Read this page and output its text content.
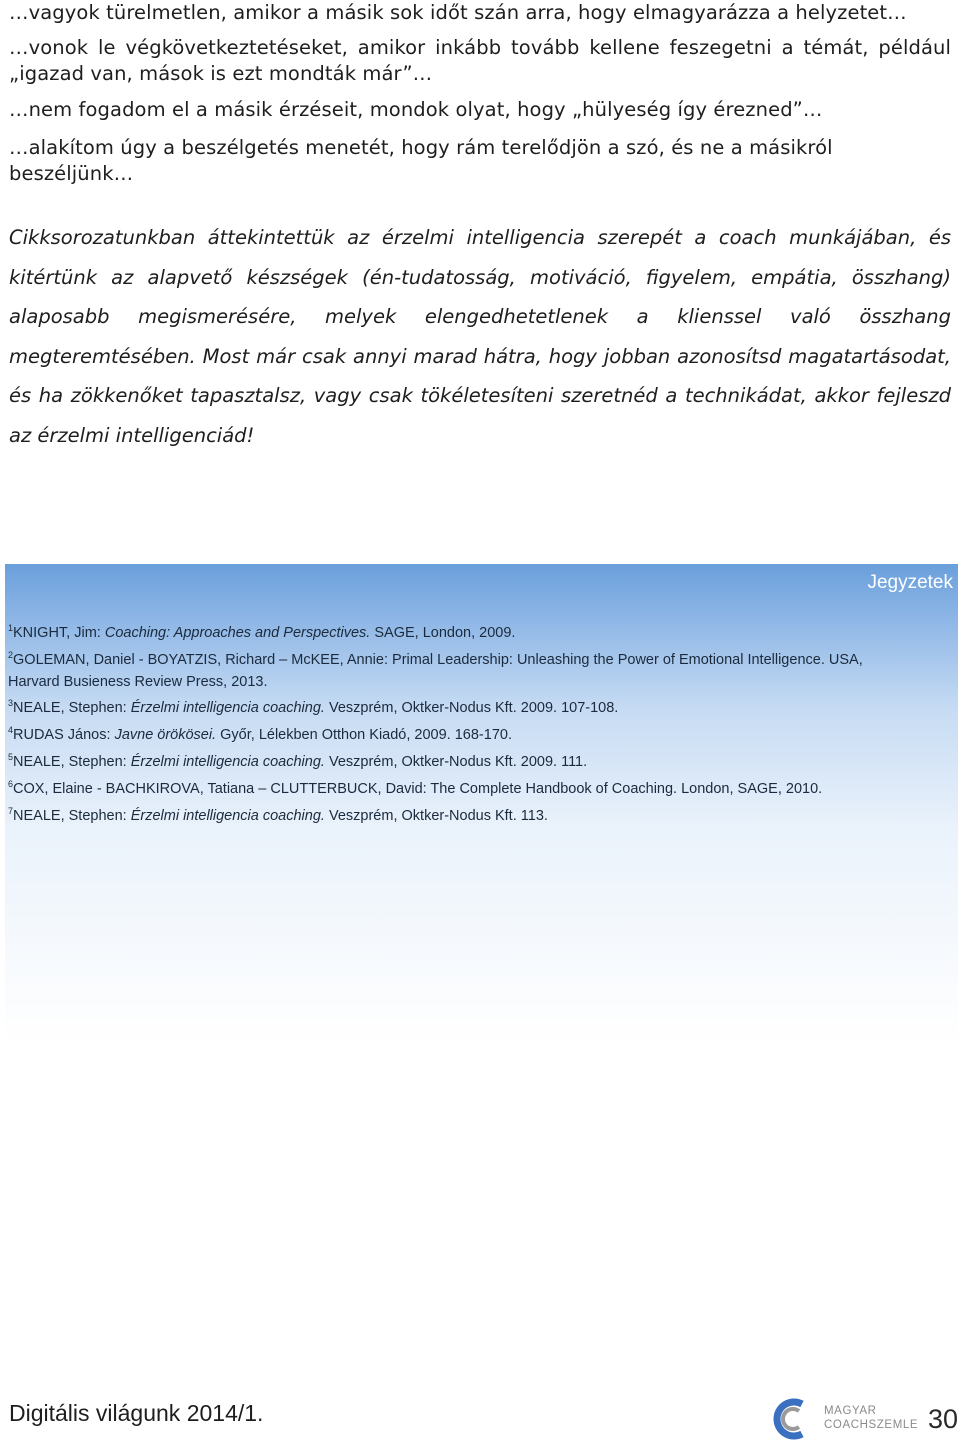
…vagyok türelmetlen, amikor a másik sok időt szán arra, hogy elmagyarázza a helyzetet…

…vonok le végkövetkeztetéseket, amikor inkább tovább kellene feszegetni a témát, például „igazad van, mások is ezt mondták már”…

…nem fogadom el a másik érzéseit, mondok olyat, hogy „hülyeség így érezned”…

…alakítom úgy a beszélgetés menetét, hogy rám terelődjön a szó, és ne a másikról beszéljünk…

Cikksorozatunkban áttekintettük az érzelmi intelligencia szerepét a coach munkájában, és kitértünk az alapvető készségek (én-tudatosság, motiváció, figyelem, empátia, összhang) alaposabb megismerésére, melyek elengedhetetlenek a klienssel való összhang megteremtésében. Most már csak annyi marad hátra, hogy jobban azonosítsd magatartásodat, és ha zökkenőket tapasztalsz, vagy csak tökéletesíteni szeretnéd a technikádat, akkor fejleszd az érzelmi intelligenciád!

Jegyzetek
$^1$KNIGHT, Jim: Coaching: Approaches and Perspectives. SAGE, London, 2009.
$^2$GOLEMAN, Daniel - BOYATZIS, Richard – McKEE, Annie: Primal Leadership: Unleashing the Power of Emotional Intelligence. USA, Harvard Busieness Review Press, 2013.
$^3$NEALE, Stephen: Érzelmi intelligencia coaching. Veszprém, Oktker-Nodus Kft. 2009. 107-108.
$^4$RUDAS János: Javne örökösei. Győr, Lélekben Otthon Kiadó, 2009. 168-170.
$^5$NEALE, Stephen: Érzelmi intelligencia coaching. Veszprém, Oktker-Nodus Kft. 2009. 111.
$^6$COX, Elaine - BACHKIROVA, Tatiana – CLUTTERBUCK, David: The Complete Handbook of Coaching. London, SAGE, 2010.
$^7$NEALE, Stephen: Érzelmi intelligencia coaching. Veszprém, Oktker-Nodus Kft. 113.
Digitális világunk 2014/1.	MAGYAR
COACHSZEMLE 30
